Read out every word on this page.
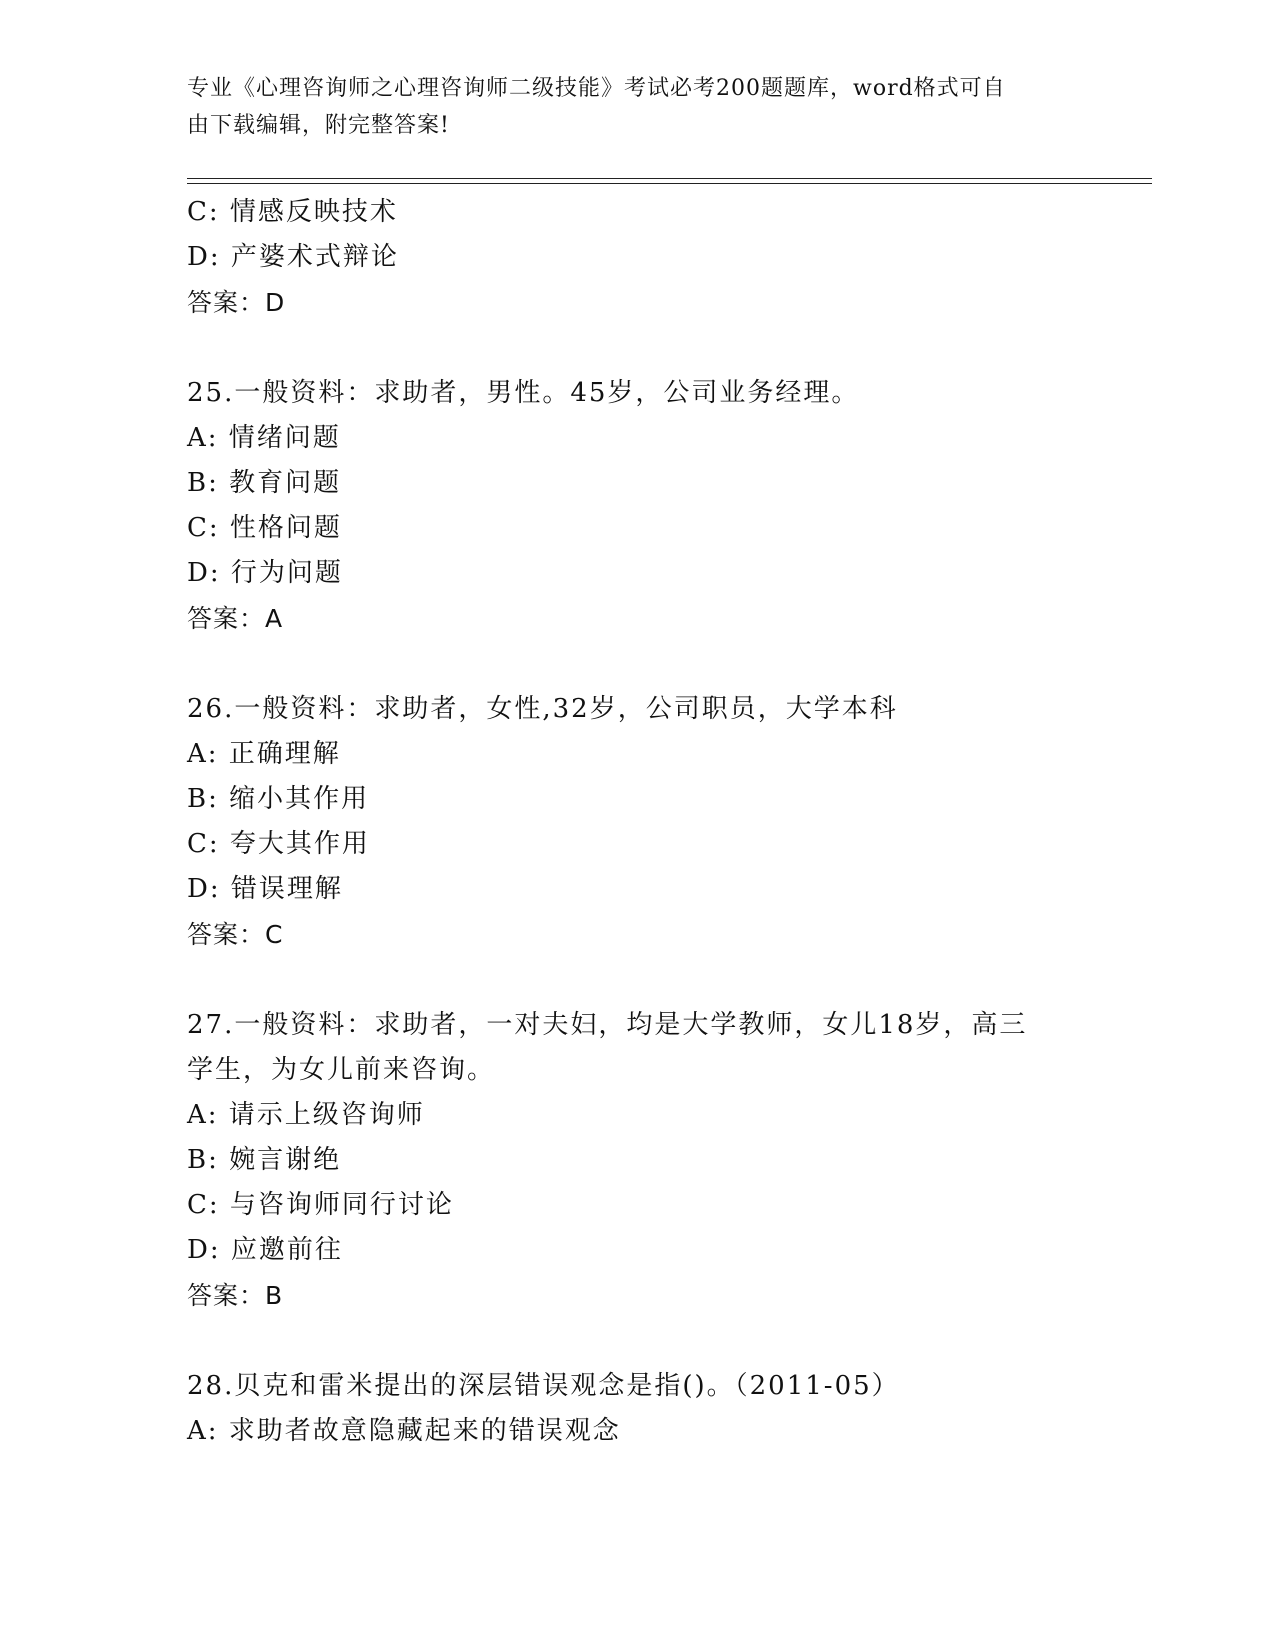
专业《心理咨询师之心理咨询师二级技能》考试必考200题题库，word格式可自
由下载编辑，附完整答案!
C: 情感反映技术
D: 产婆术式辩论
答案：D
25.一般资料：求助者，男性。45岁，公司业务经理。
A: 情绪问题
B: 教育问题
C: 性格问题
D: 行为问题
答案：A
26.一般资料：求助者，女性,32岁，公司职员，大学本科
A: 正确理解
B: 缩小其作用
C: 夸大其作用
D: 错误理解
答案：C
27.一般资料：求助者，一对夫妇，均是大学教师，女儿18岁，高三
学生，为女儿前来咨询。
A: 请示上级咨询师
B: 婉言谢绝
C: 与咨询师同行讨论
D: 应邀前往
答案：B
28.贝克和雷米提出的深层错误观念是指()。（2011-05）
A: 求助者故意隐藏起来的错误观念
